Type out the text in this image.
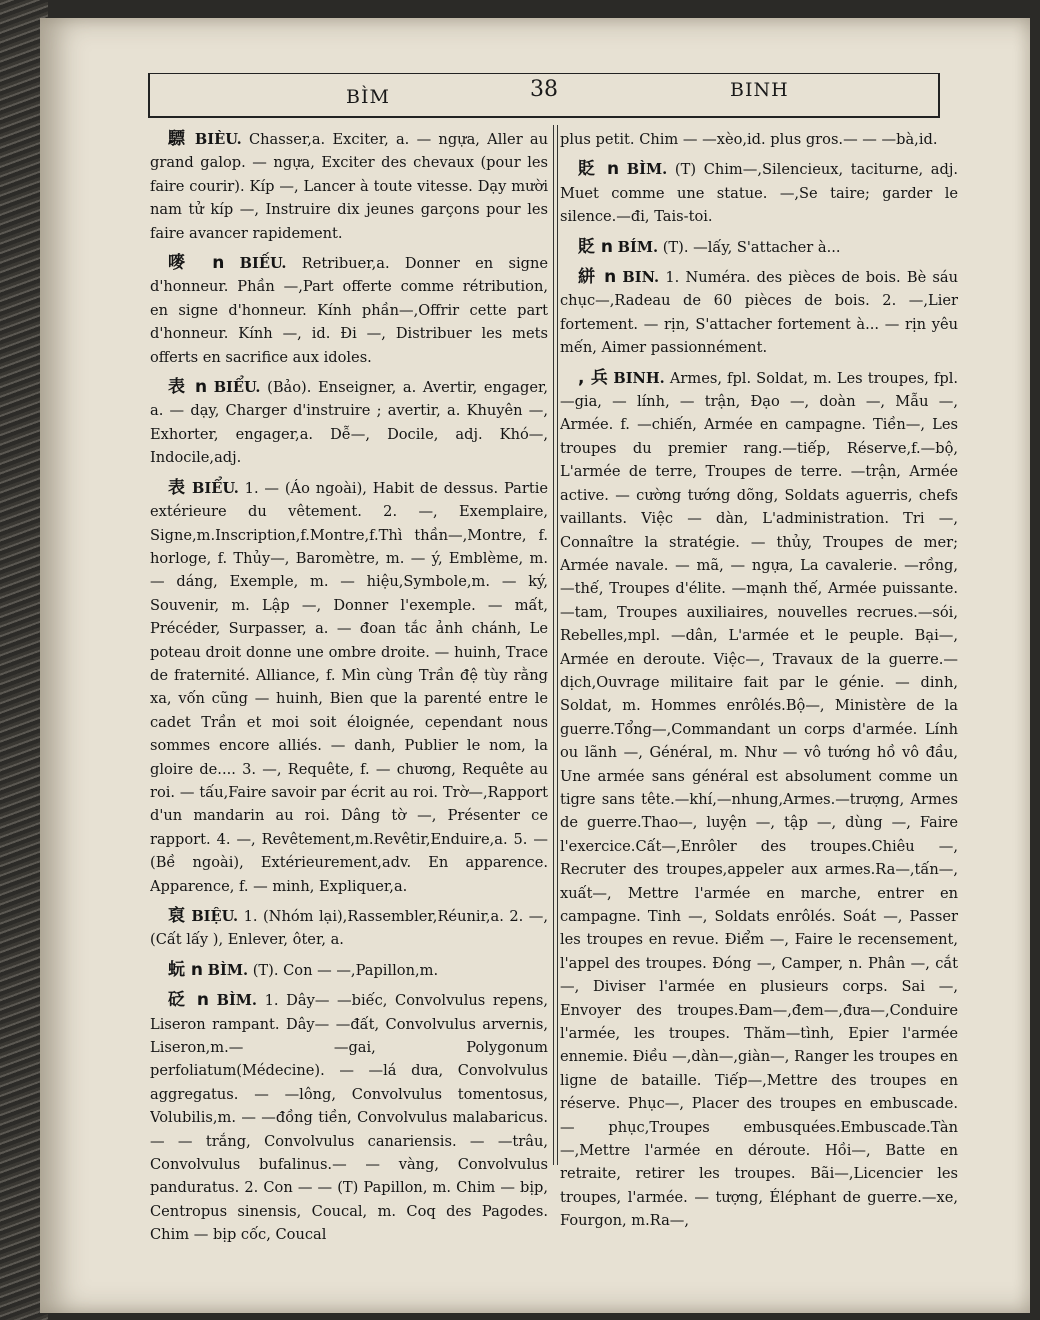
BÌM	38	BINH

驃 BIÈU. Chasser,a. Exciter, a. — ngựa, Aller au grand galop. — ngựa, Exciter des chevaux (pour les faire courir). Kíp —, Lancer à toute vitesse. Dạy mười nam tử kíp —, Instruire dix jeunes garçons pour les faire avancer rapidement.

嘜 n BIẾU. Retribuer,a. Donner en signe d'honneur. Phần —,Part offerte comme rétribution, en signe d'honneur. Kính phần—,Offrir cette part d'honneur. Kính —, id. Đi —, Distribuer les mets offerts en sacrifice aux idoles.

表 n BIỂU. (Bảo). Enseigner, a. Avertir, engager, a. — dạy, Charger d'instruire ; avertir, a. Khuyên —, Exhorter, engager,a. Dễ—, Docile, adj. Khó—, Indocile,adj.

表 BIỂU. 1. — (Áo ngoài), Habit de dessus. Partie extérieure du vêtement. 2. —, Exemplaire, Signe,m.Inscription,f.Montre,f.Thì thần—,Montre, f. horloge, f. Thủy—, Baromètre, m. — ý, Emblème, m. — dáng, Exemple, m. — hiệu,Symbole,m. — ký, Souvenir, m. Lập —, Donner l'exemple. — mất, Précéder, Surpasser, a. — đoan tắc ảnh chánh, Le poteau droit donne une ombre droite. — huinh, Trace de fraternité. Alliance, f. Mìn cùng Trần đệ tùy rằng xa, vốn cũng — huinh, Bien que la parenté entre le cadet Trần et moi soit éloignée, cependant nous sommes encore alliés. — danh, Publier le nom, la gloire de.... 3. —, Requête, f. — chương, Requête au roi. — tấu,Faire savoir par écrit au roi. Trờ—,Rapport d'un mandarin au roi. Dâng tờ —, Présenter ce rapport. 4. —, Revêtement,m.Revêtir,Enduire,a. 5. —(Bề ngoài), Extérieurement,adv. En apparence. Apparence, f. — minh, Expliquer,a.

裒 BIỆU. 1. (Nhóm lại),Rassembler,Réunir,a. 2. —, (Cất lấy ), Enlever, ôter, a.

蚖 n BÌM. (T). Con — —,Papillon,m.

砭 n BÌM. 1. Dây— —biếc, Convolvulus repens, Liseron rampant. Dây— —đất, Convolvulus arvernis, Liseron,m.— —gai, Polygonum perfoliatum(Médecine). — —lá dưa, Convolvulus aggregatus. — —lông, Convolvulus tomentosus, Volubilis,m. — —đồng tiền, Convolvulus malabaricus. — — trắng, Convolvulus canariensis. — —trâu, Convolvulus bufalinus.— — vàng, Convolvulus panduratus. 2. Con — — (T) Papillon, m. Chim — bịp, Centropus sinensis, Coucal, m. Coq des Pagodes. Chim — bịp cốc, Coucal

plus petit. Chim — —xèo,id. plus gros.— — —bà,id.

貶 n BÌM. (T) Chim—,Silencieux, taciturne, adj. Muet comme une statue. —,Se taire; garder le silence.—đi, Tais-toi.

貶 n BÍM. (T). —lấy, S'attacher à...

絣 n BIN. 1. Numéra. des pièces de bois. Bè sáu chục—,Radeau de 60 pièces de bois. 2. —,Lier fortement. — rịn, S'attacher fortement à... — rịn yêu mến, Aimer passionnément.

, 兵 BINH. Armes, fpl. Soldat, m. Les troupes, fpl.—gia, — lính, — trận, Đạo —, doàn —, Mẫu —, Armée. f. —chiến, Armée en campagne. Tiền—, Les troupes du premier rang.—tiếp, Réserve,f.—bộ, L'armée de terre, Troupes de terre. —trận, Armée active. — cường tướng dõng, Soldats aguerris, chefs vaillants. Việc — dàn, L'administration. Tri —, Connaître la stratégie. — thủy, Troupes de mer; Armée navale. — mã, — ngựa, La cavalerie. —rồng, —thế, Troupes d'élite. —mạnh thế, Armée puissante.—tam, Troupes auxiliaires, nouvelles recrues.—sói, Rebelles,mpl. —dân, L'armée et le peuple. Bại—, Armée en deroute. Việc—, Travaux de la guerre.—dịch,Ouvrage militaire fait par le génie. — dinh, Soldat, m. Hommes enrôlés.Bộ—, Ministère de la guerre.Tổng—,Commandant un corps d'armée. Lính ou lãnh —, Général, m. Như — vô tướng hồ vô đầu, Une armée sans général est absolument comme un tigre sans tête.—khí,—nhung,Armes.—trượng, Armes de guerre.Thao—, luyện —, tập —, dùng —, Faire l'exercice.Cất—,Enrôler des troupes.Chiêu —, Recruter des troupes,appeler aux armes.Ra—,tấn—, xuất—, Mettre l'armée en marche, entrer en campagne. Tinh —, Soldats enrôlés. Soát —, Passer les troupes en revue. Điểm —, Faire le recensement, l'appel des troupes. Đóng —, Camper, n. Phân —, cắt—, Diviser l'armée en plusieurs corps. Sai —, Envoyer des troupes.Đam—,đem—,đưa—,Conduire l'armée, les troupes. Thăm—tình, Epier l'armée ennemie. Điều —,dàn—,giàn—, Ranger les troupes en ligne de bataille. Tiếp—,Mettre des troupes en réserve. Phục—, Placer des troupes en embuscade. — phục,Troupes embusquées.Embuscade.Tàn—,Mettre l'armée en déroute. Hồi—, Batte en retraite, retirer les troupes. Bãi—,Licencier les troupes, l'armée. — tượng, Éléphant de guerre.—xe, Fourgon, m.Ra—,
